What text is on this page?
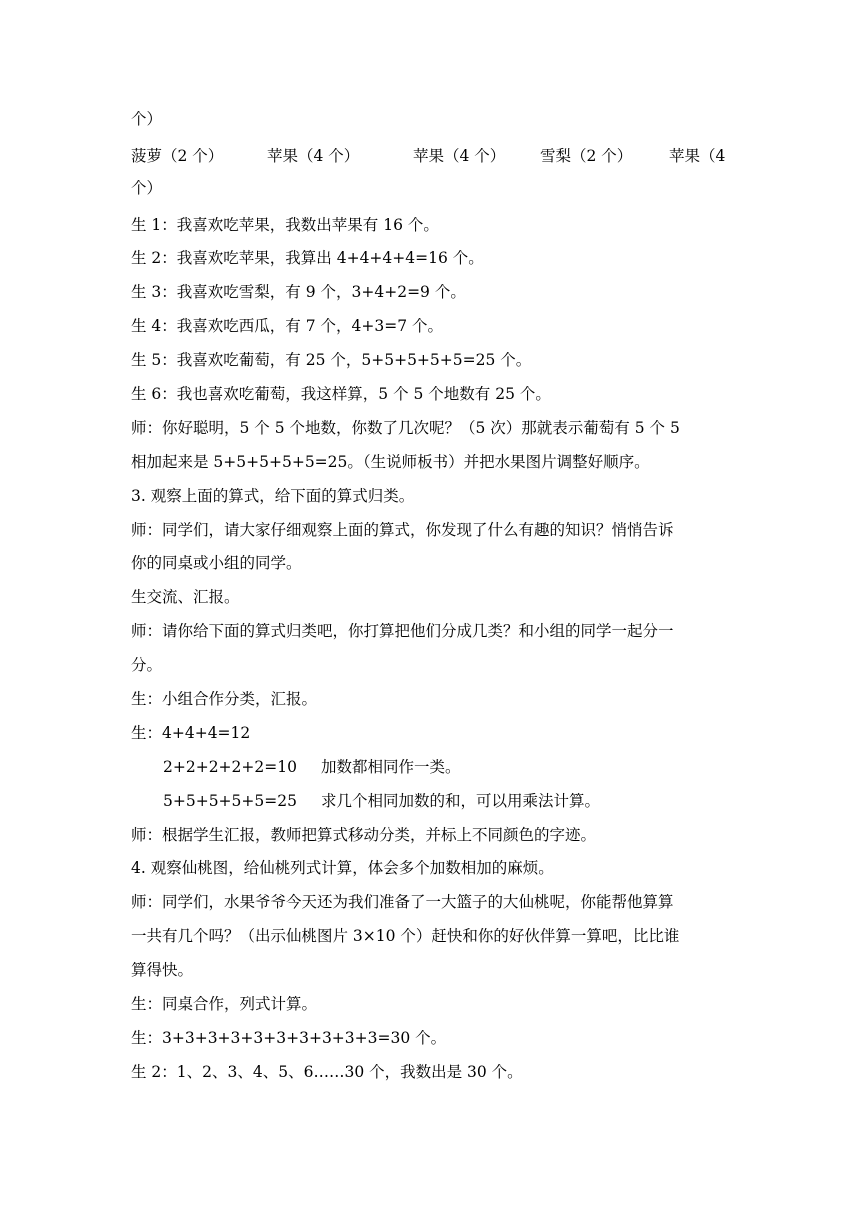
个）
菠萝（2 个）	苹果（4 个）	苹果（4 个） 雪梨（2 个） 苹果（4
个）
生 1：我喜欢吃苹果，我数出苹果有 16 个。
生 2：我喜欢吃苹果，我算出 4+4+4+4=16 个。
生 3：我喜欢吃雪梨，有 9 个，3+4+2=9 个。
生 4：我喜欢吃西瓜，有 7 个，4+3=7 个。
生 5：我喜欢吃葡萄，有 25 个，5+5+5+5+5=25 个。
生 6：我也喜欢吃葡萄，我这样算，5 个 5 个地数有 25 个。
师：你好聪明，5 个 5 个地数，你数了几次呢？（5 次）那就表示葡萄有 5 个 5
相加起来是 5+5+5+5+5=25。（生说师板书）并把水果图片调整好顺序。
3. 观察上面的算式，给下面的算式归类。
师：同学们，请大家仔细观察上面的算式，你发现了什么有趣的知识？悄悄告诉
你的同桌或小组的同学。
生交流、汇报。
师：请你给下面的算式归类吧，你打算把他们分成几类？和小组的同学一起分一
分。
生：小组合作分类，汇报。
生：4+4+4=12
2+2+2+2+2=10 加数都相同作一类。
5+5+5+5+5=25 求几个相同加数的和，可以用乘法计算。
师：根据学生汇报，教师把算式移动分类，并标上不同颜色的字迹。
4. 观察仙桃图，给仙桃列式计算，体会多个加数相加的麻烦。
师：同学们，水果爷爷今天还为我们准备了一大篮子的大仙桃呢，你能帮他算算
一共有几个吗？（出示仙桃图片 3×10 个）赶快和你的好伙伴算一算吧，比比谁
算得快。
生：同桌合作，列式计算。
生：3+3+3+3+3+3+3+3+3+3=30 个。
生 2：1、2、3、4、5、6……30 个，我数出是 30 个。
